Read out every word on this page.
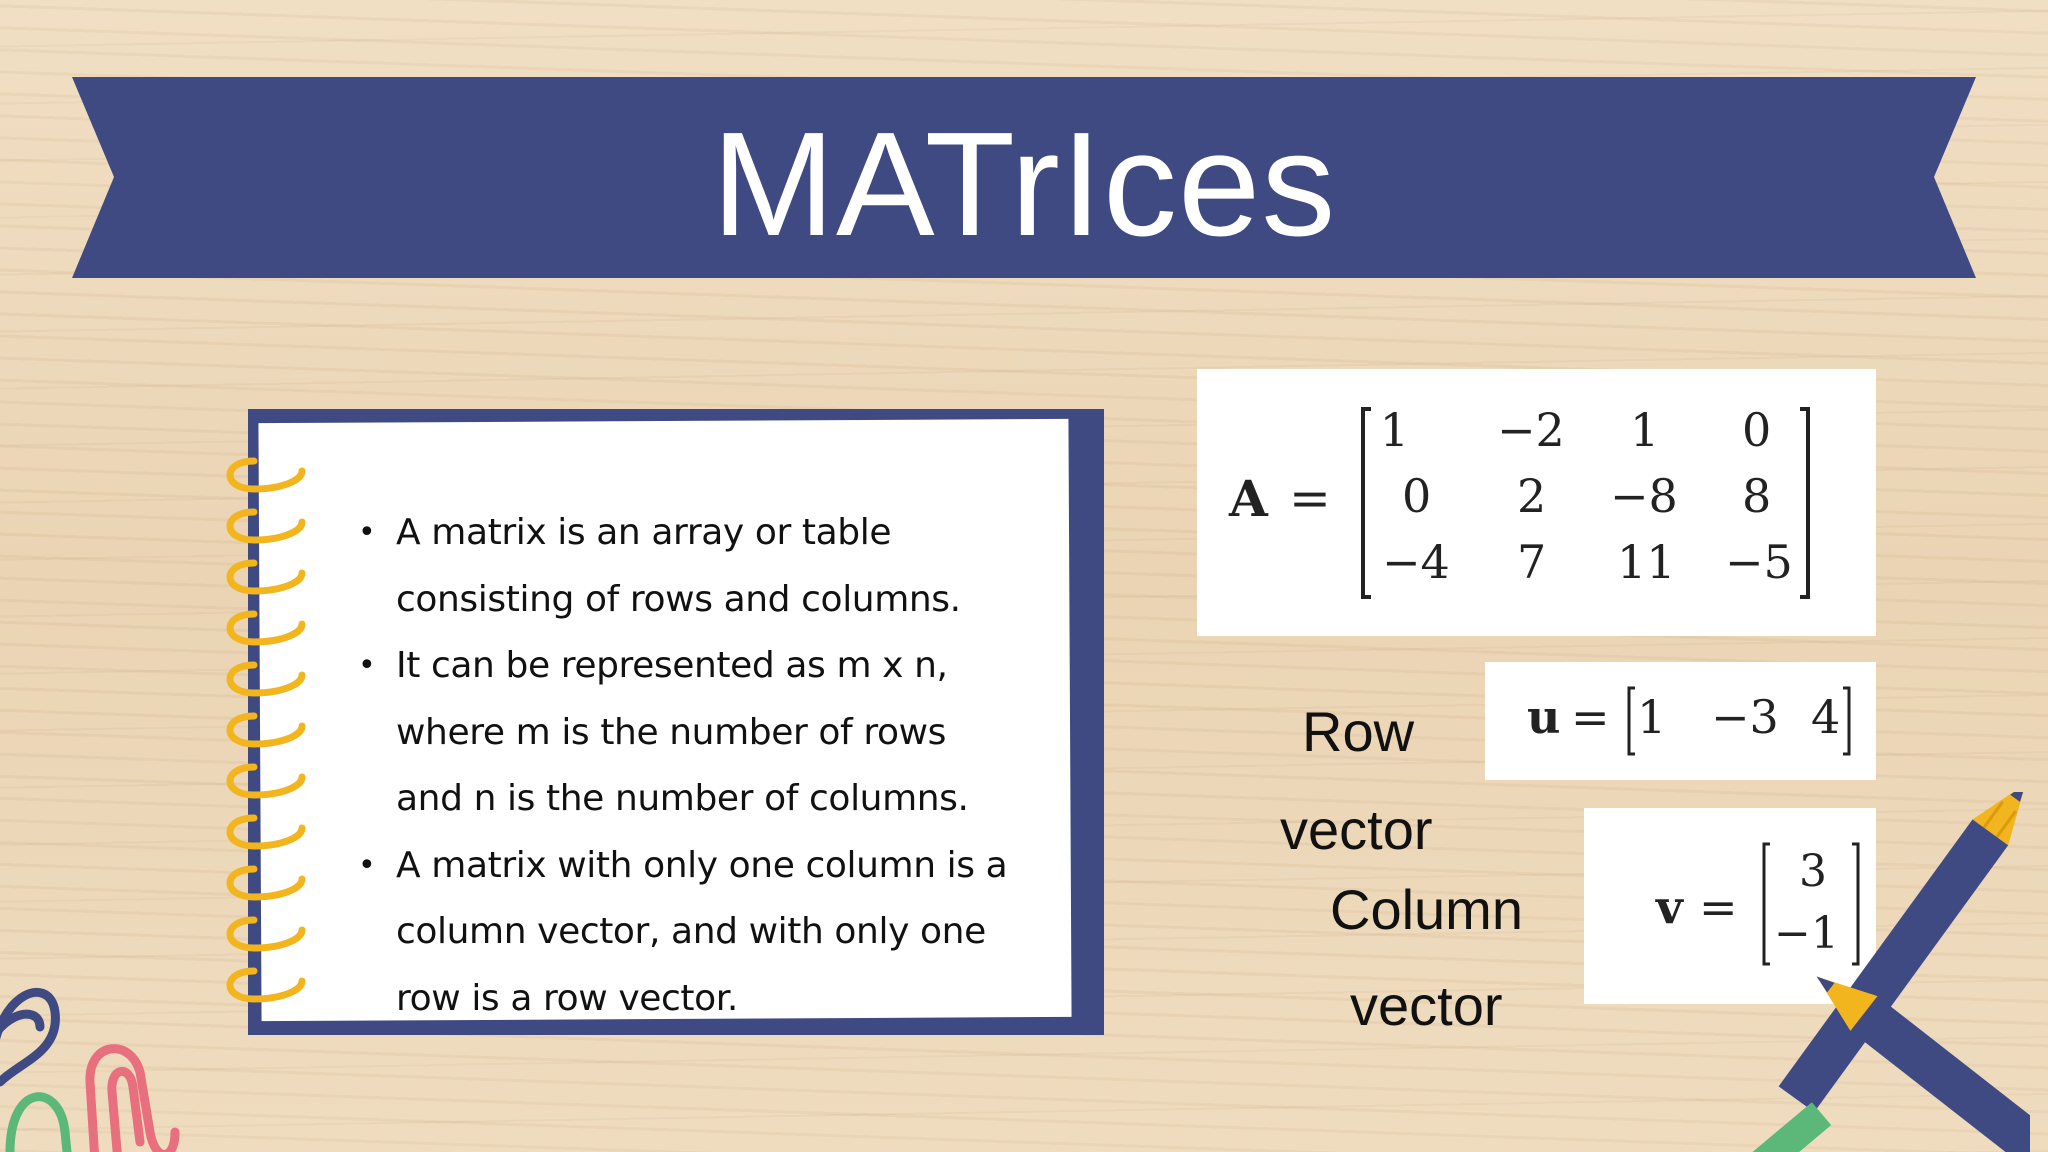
MATrIces
• A matrix is an array or table consisting of rows and columns.
• It can be represented as m x n, where m is the number of rows and n is the number of columns.
• A matrix with only one column is a column vector, and with only one row is a row vector.
A =
1 −2 1 0
0 2 −8 8
−4 7 11 −5
u = 1 −3 4
v =
3
−1
Row
vector
Column
vector
